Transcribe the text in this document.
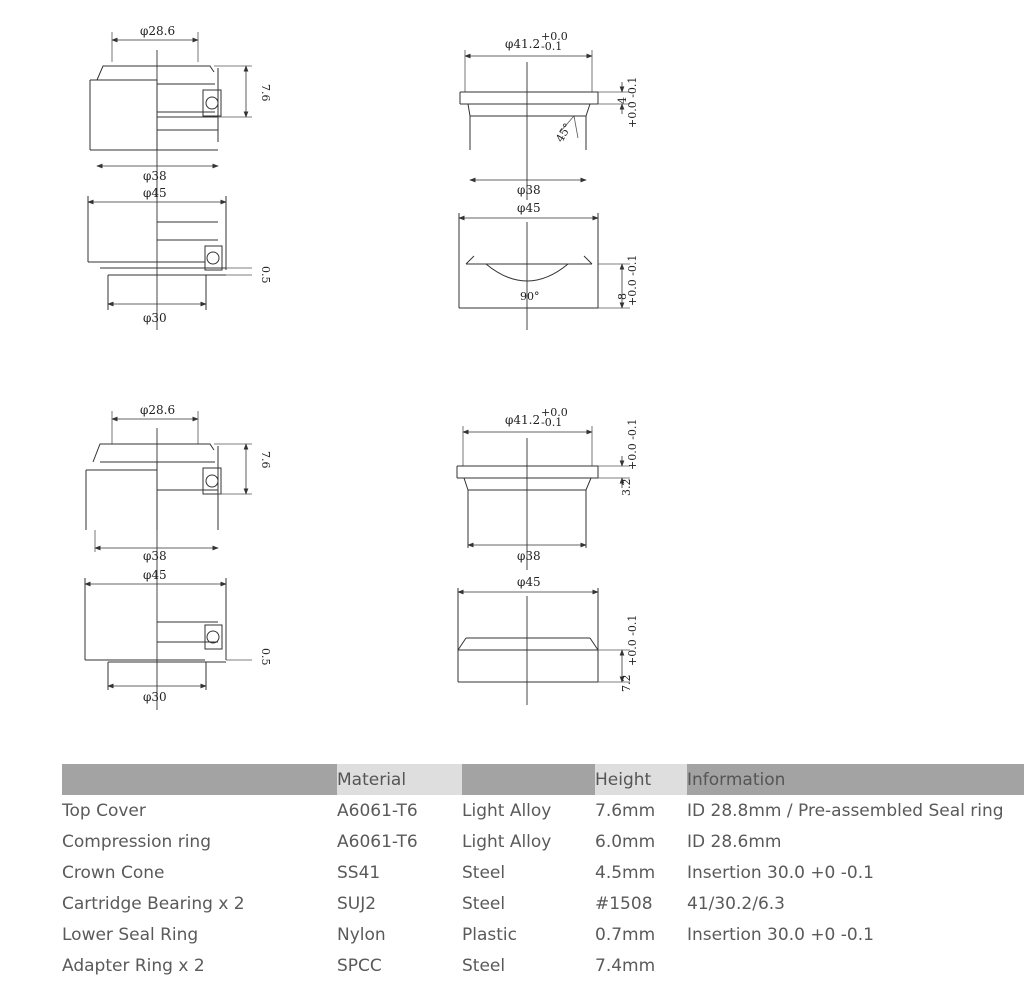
φ28.6
7.6
φ38
φ45
0.5
φ30
φ41.2
+0.0
-0.1
4
+0.0 -0.1
45°
φ38
φ45
90°	8
+0.0 -0.1
φ28.6
7.6
φ38
φ45
0.5
φ30
φ41.2
+0.0
-0.1
3.2
+0.0 -0.1
φ38
φ45
7.2
+0.0 -0.1
	Material		Height	Information
Top Cover	A6061-T6	Light Alloy	7.6mm	ID 28.8mm / Pre-assembled Seal ring
Compression ring	A6061-T6	Light Alloy	6.0mm	ID 28.6mm
Crown Cone	SS41	Steel	4.5mm	Insertion 30.0 +0 -0.1
Cartridge Bearing x 2	SUJ2	Steel	#1508	41/30.2/6.3
Lower Seal Ring	Nylon	Plastic	0.7mm	Insertion 30.0 +0 -0.1
Adapter Ring x 2	SPCC	Steel	7.4mm	
